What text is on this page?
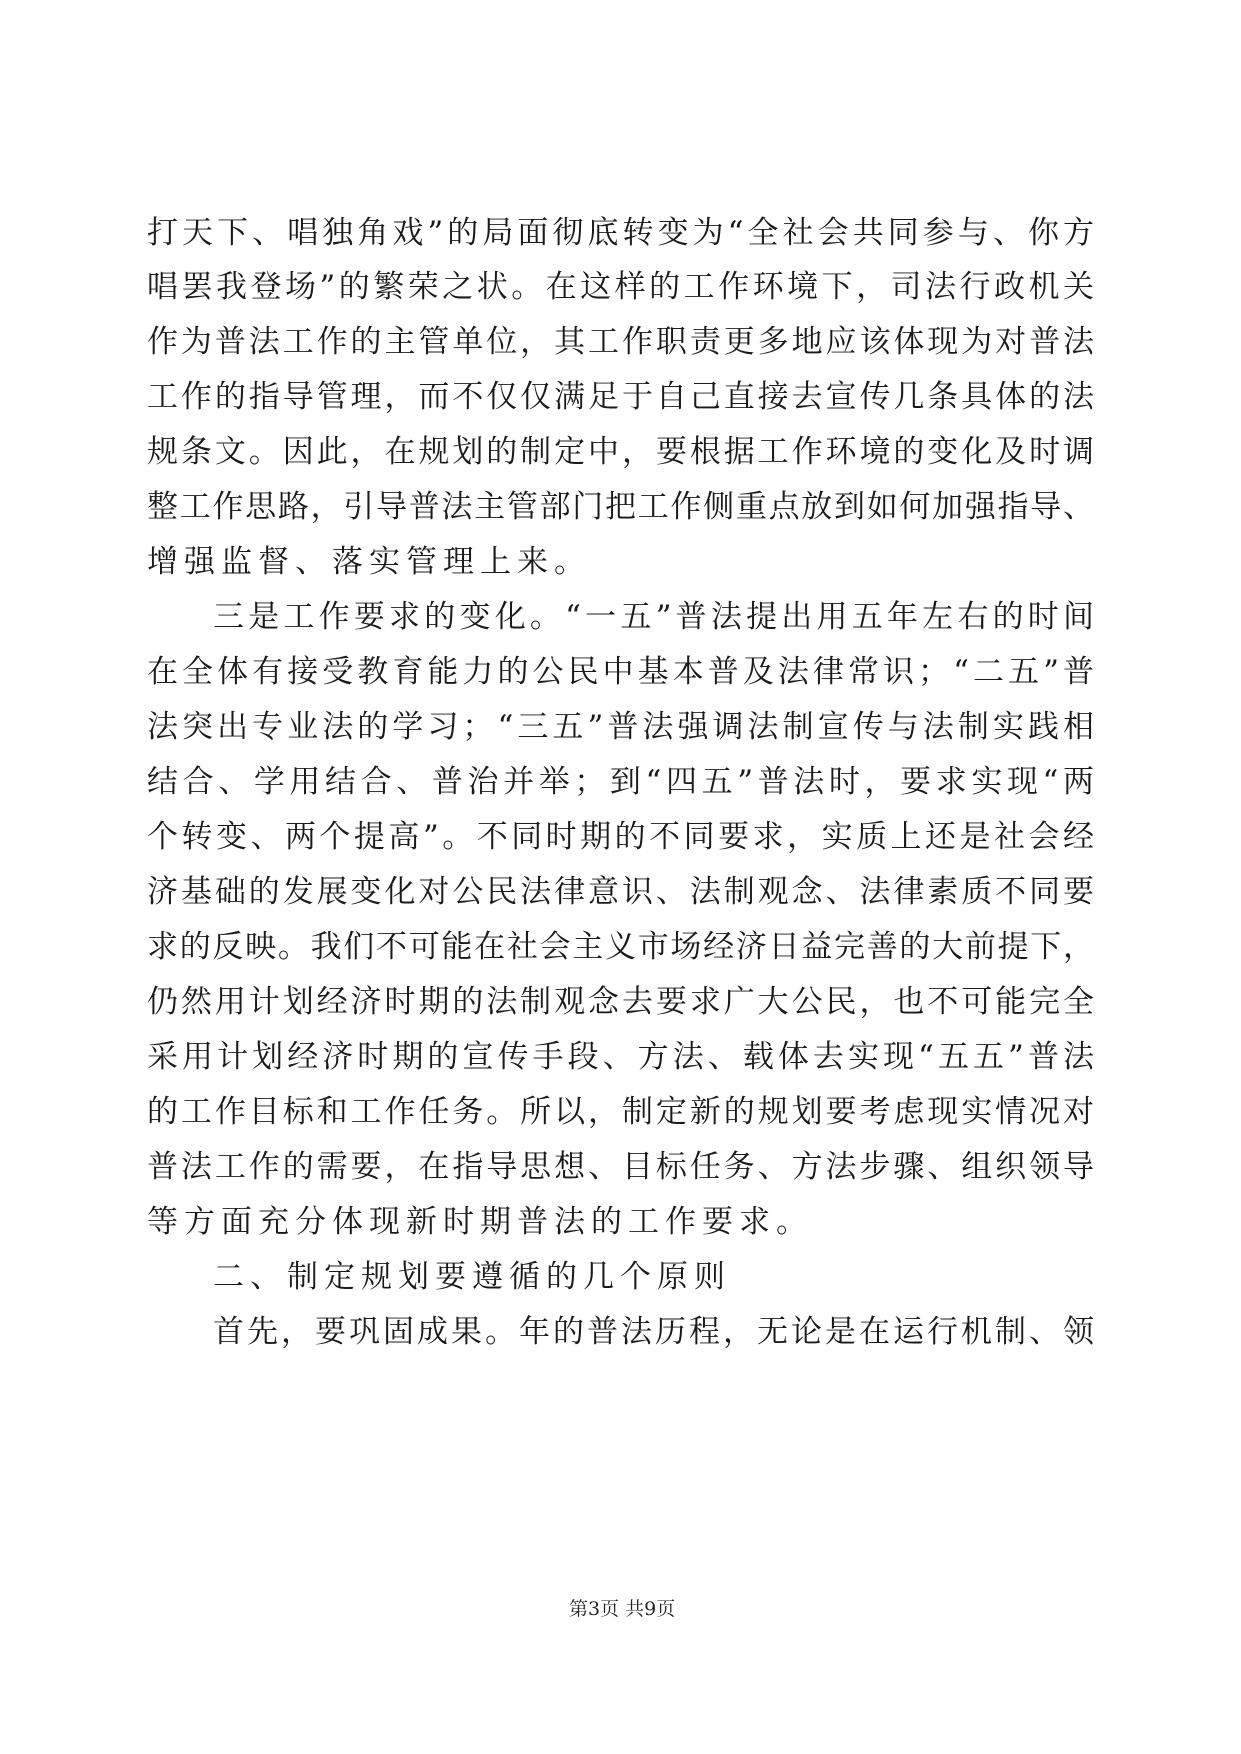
打天下、唱独角戏”的局面彻底转变为“全社会共同参与、你方
唱罢我登场”的繁荣之状。在这样的工作环境下，司法行政机关
作为普法工作的主管单位，其工作职责更多地应该体现为对普法
工作的指导管理，而不仅仅满足于自己直接去宣传几条具体的法
规条文。因此，在规划的制定中，要根据工作环境的变化及时调
整工作思路，引导普法主管部门把工作侧重点放到如何加强指导、
增强监督、落实管理上来。
三是工作要求的变化。“一五”普法提出用五年左右的时间
在全体有接受教育能力的公民中基本普及法律常识；“二五”普
法突出专业法的学习；“三五”普法强调法制宣传与法制实践相
结合、学用结合、普治并举；到“四五”普法时，要求实现“两
个转变、两个提高”。不同时期的不同要求，实质上还是社会经
济基础的发展变化对公民法律意识、法制观念、法律素质不同要
求的反映。我们不可能在社会主义市场经济日益完善的大前提下，
仍然用计划经济时期的法制观念去要求广大公民，也不可能完全
采用计划经济时期的宣传手段、方法、载体去实现“五五”普法
的工作目标和工作任务。所以，制定新的规划要考虑现实情况对
普法工作的需要，在指导思想、目标任务、方法步骤、组织领导
等方面充分体现新时期普法的工作要求。
二、制定规划要遵循的几个原则
首先，要巩固成果。年的普法历程，无论是在运行机制、领
第3页 共9页
